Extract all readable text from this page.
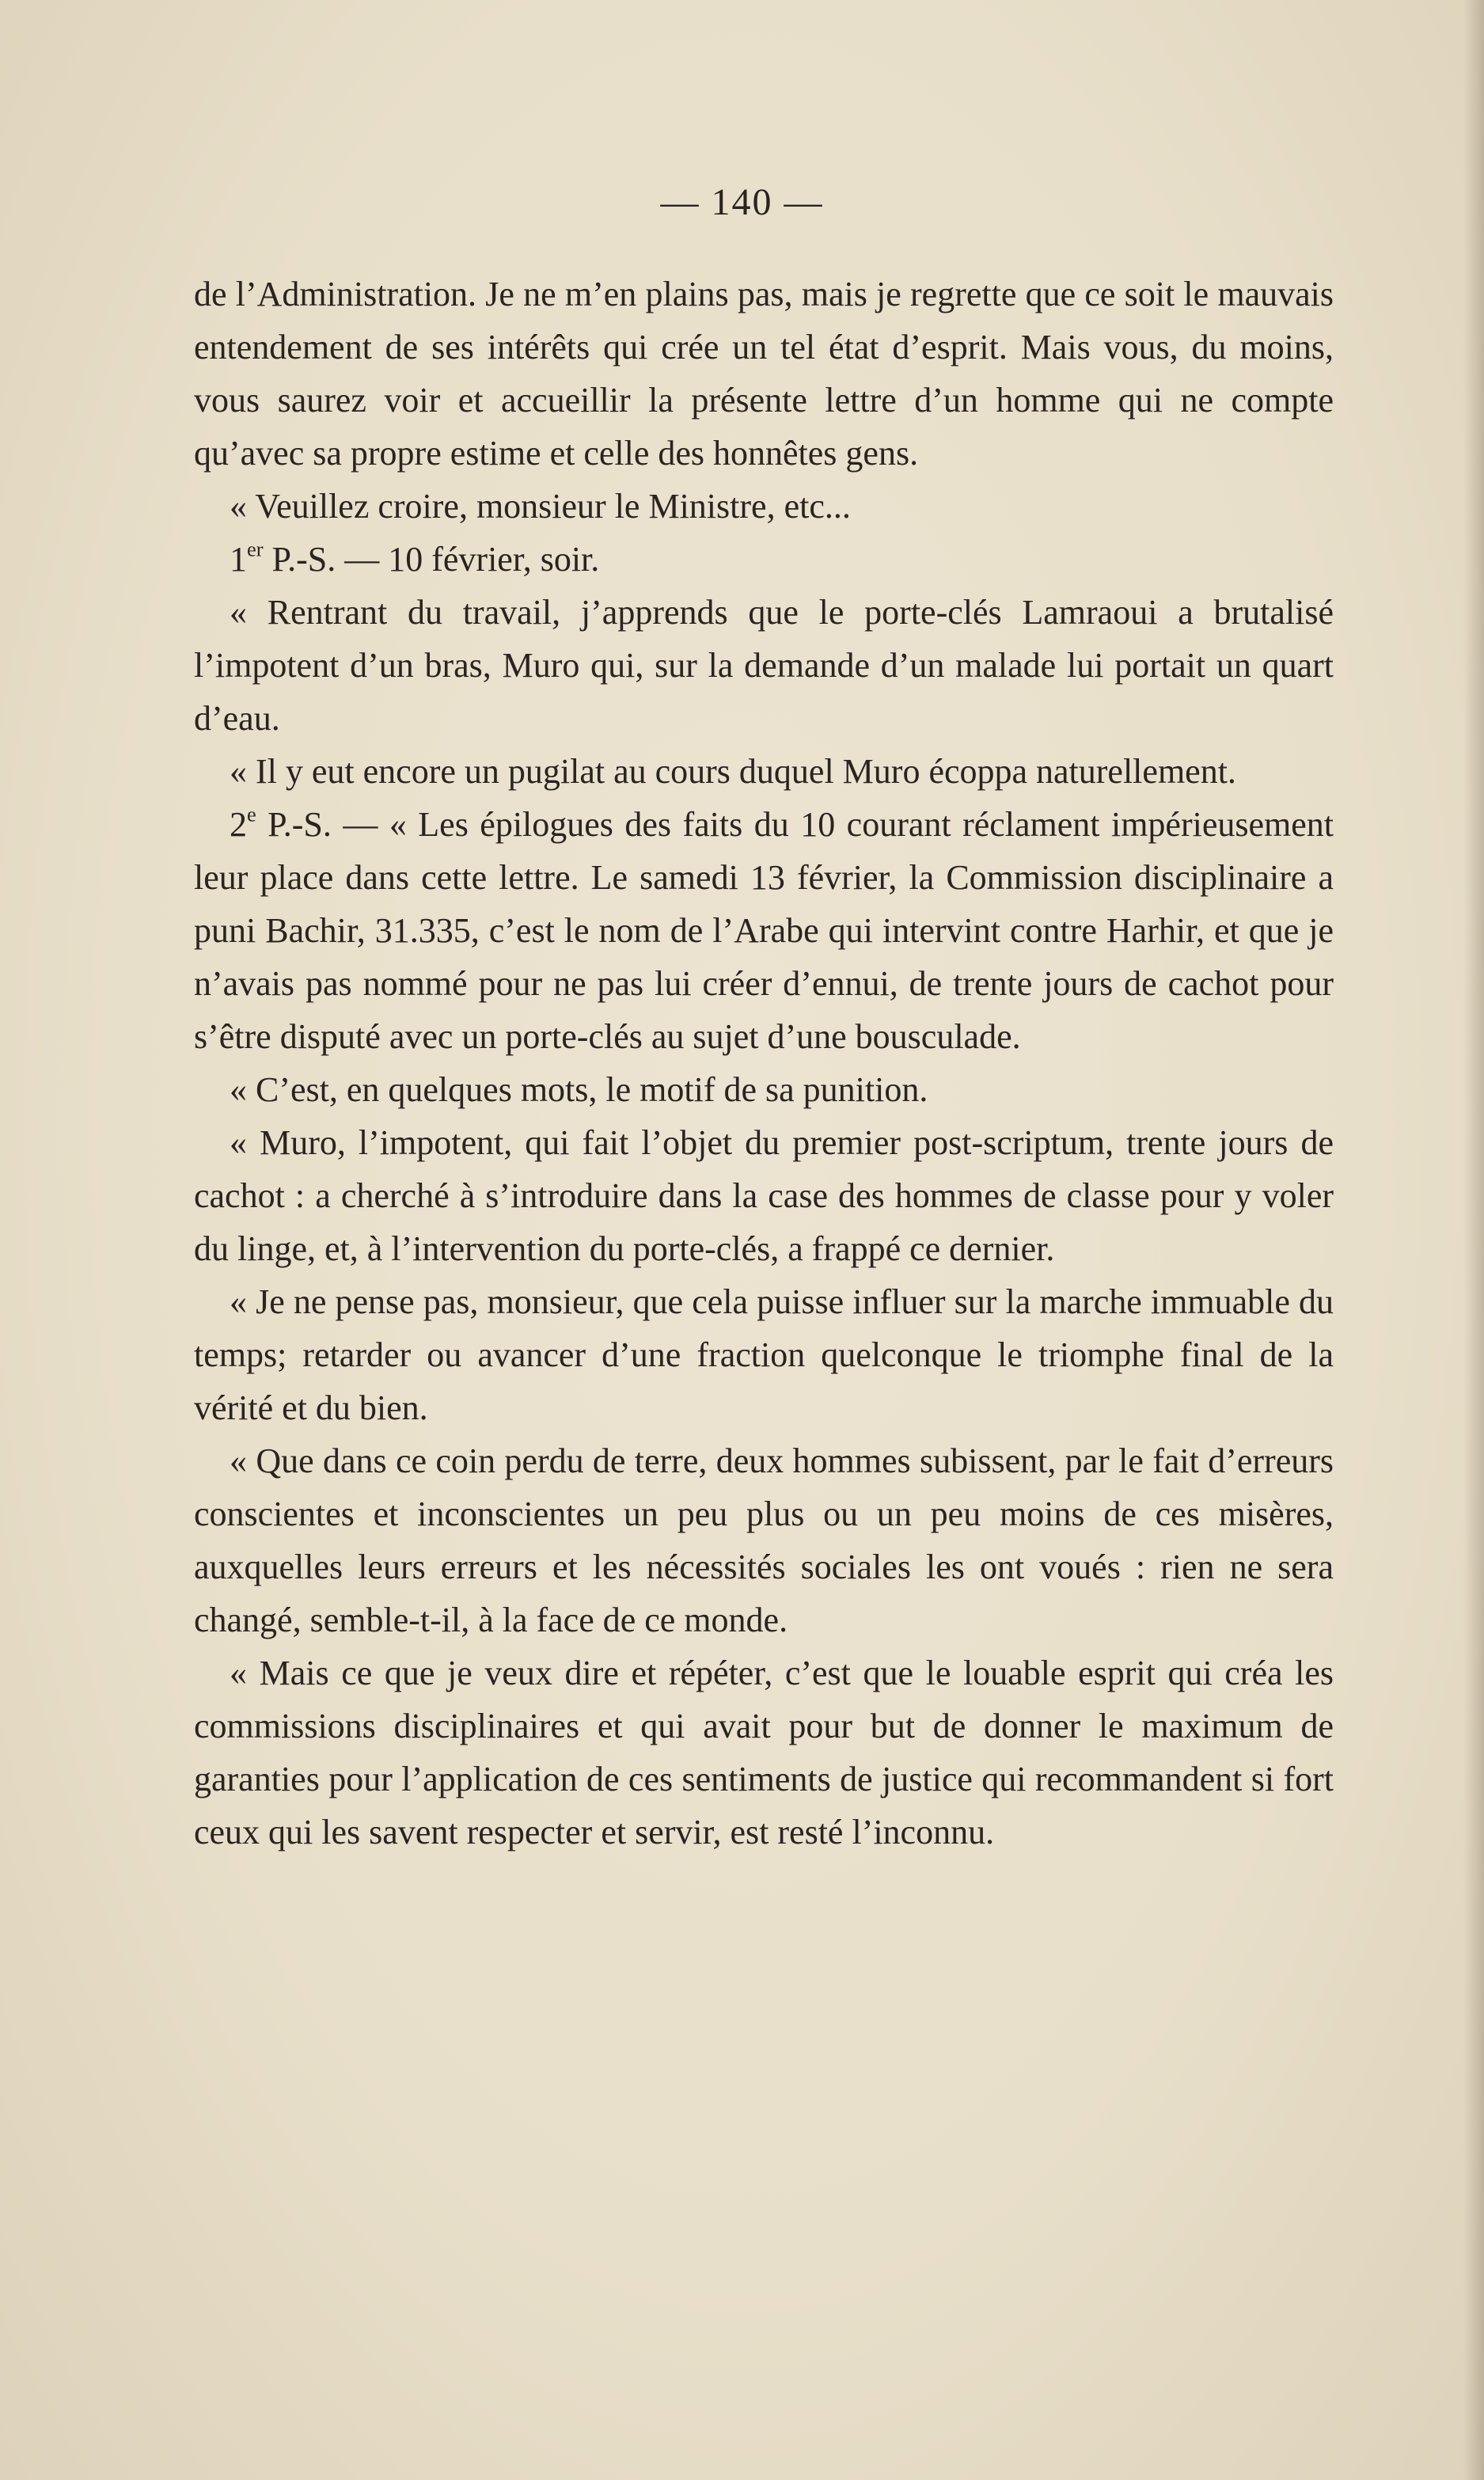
— 140 —

de l’Administration. Je ne m’en plains pas, mais je regrette que ce soit le mauvais entendement de ses intérêts qui crée un tel état d’esprit. Mais vous, du moins, vous saurez voir et accueillir la présente lettre d’un homme qui ne compte qu’avec sa propre estime et celle des honnêtes gens.

« Veuillez croire, monsieur le Ministre, etc...

1er P.-S. — 10 février, soir.

« Rentrant du travail, j’apprends que le porte-clés Lamraoui a brutalisé l’impotent d’un bras, Muro qui, sur la demande d’un malade lui portait un quart d’eau.

« Il y eut encore un pugilat au cours duquel Muro écoppa naturellement.

2e P.-S. — « Les épilogues des faits du 10 courant réclament impérieusement leur place dans cette lettre. Le samedi 13 février, la Commission disciplinaire a puni Bachir, 31.335, c’est le nom de l’Arabe qui intervint contre Harhir, et que je n’avais pas nommé pour ne pas lui créer d’ennui, de trente jours de cachot pour s’être disputé avec un porte-clés au sujet d’une bousculade.

« C’est, en quelques mots, le motif de sa punition.

« Muro, l’impotent, qui fait l’objet du premier post-scriptum, trente jours de cachot : a cherché à s’introduire dans la case des hommes de classe pour y voler du linge, et, à l’intervention du porte-clés, a frappé ce dernier.

« Je ne pense pas, monsieur, que cela puisse influer sur la marche immuable du temps; retarder ou avancer d’une fraction quelconque le triomphe final de la vérité et du bien.

« Que dans ce coin perdu de terre, deux hommes subissent, par le fait d’erreurs conscientes et inconscientes un peu plus ou un peu moins de ces misères, auxquelles leurs erreurs et les nécessités sociales les ont voués : rien ne sera changé, semble-t-il, à la face de ce monde.

« Mais ce que je veux dire et répéter, c’est que le louable esprit qui créa les commissions disciplinaires et qui avait pour but de donner le maximum de garanties pour l’application de ces sentiments de justice qui recommandent si fort ceux qui les savent respecter et servir, est resté l’inconnu.
